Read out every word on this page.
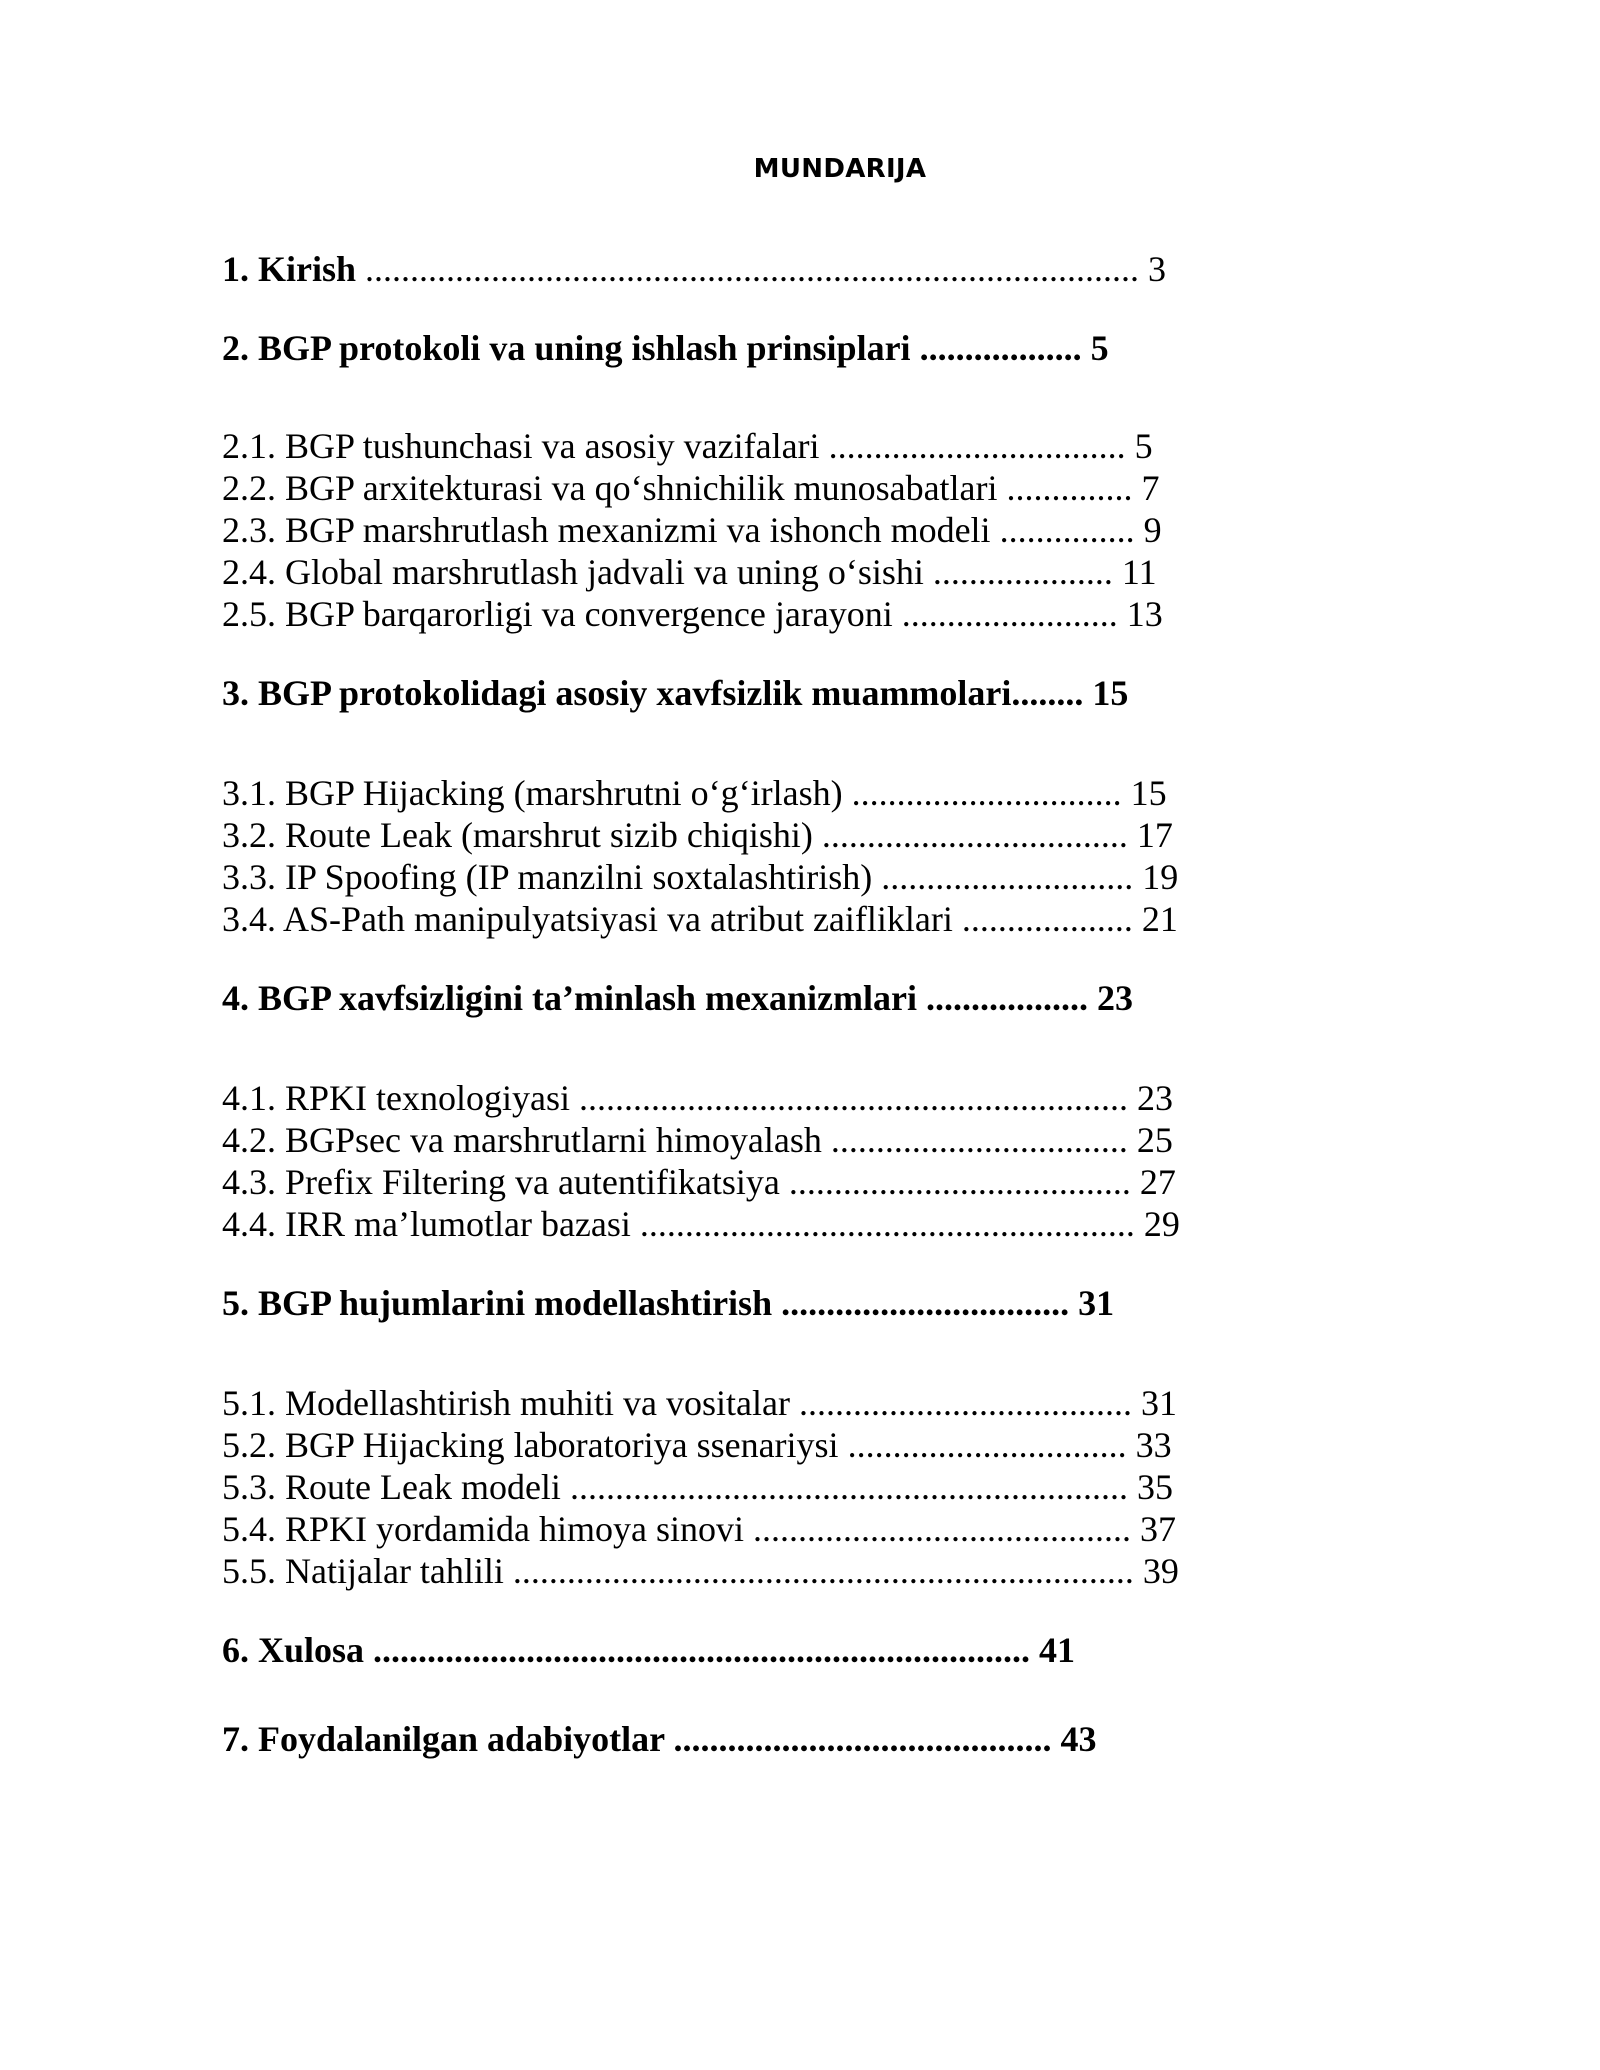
MUNDARIJA
1. Kirish ...................................................................................... 3
2. BGP protokoli va uning ishlash prinsiplari .................. 5
2.1. BGP tushunchasi va asosiy vazifalari ................................. 5
2.2. BGP arxitekturasi va qo‘shnichilik munosabatlari .............. 7
2.3. BGP marshrutlash mexanizmi va ishonch modeli ............... 9
2.4. Global marshrutlash jadvali va uning o‘sishi .................... 11
2.5. BGP barqarorligi va convergence jarayoni ........................ 13
3. BGP protokolidagi asosiy xavfsizlik muammolari........ 15
3.1. BGP Hijacking (marshrutni o‘g‘irlash) .............................. 15
3.2. Route Leak (marshrut sizib chiqishi) .................................. 17
3.3. IP Spoofing (IP manzilni soxtalashtirish) ............................ 19
3.4. AS-Path manipulyatsiyasi va atribut zaifliklari ................... 21
4. BGP xavfsizligini ta’minlash mexanizmlari .................. 23
4.1. RPKI texnologiyasi ............................................................. 23
4.2. BGPsec va marshrutlarni himoyalash ................................. 25
4.3. Prefix Filtering va autentifikatsiya ...................................... 27
4.4. IRR ma’lumotlar bazasi ....................................................... 29
5. BGP hujumlarini modellashtirish ................................ 31
5.1. Modellashtirish muhiti va vositalar ..................................... 31
5.2. BGP Hijacking laboratoriya ssenariysi ............................... 33
5.3. Route Leak modeli .............................................................. 35
5.4. RPKI yordamida himoya sinovi .......................................... 37
5.5. Natijalar tahlili ..................................................................... 39
6. Xulosa ......................................................................... 41
7. Foydalanilgan adabiyotlar .......................................... 43
